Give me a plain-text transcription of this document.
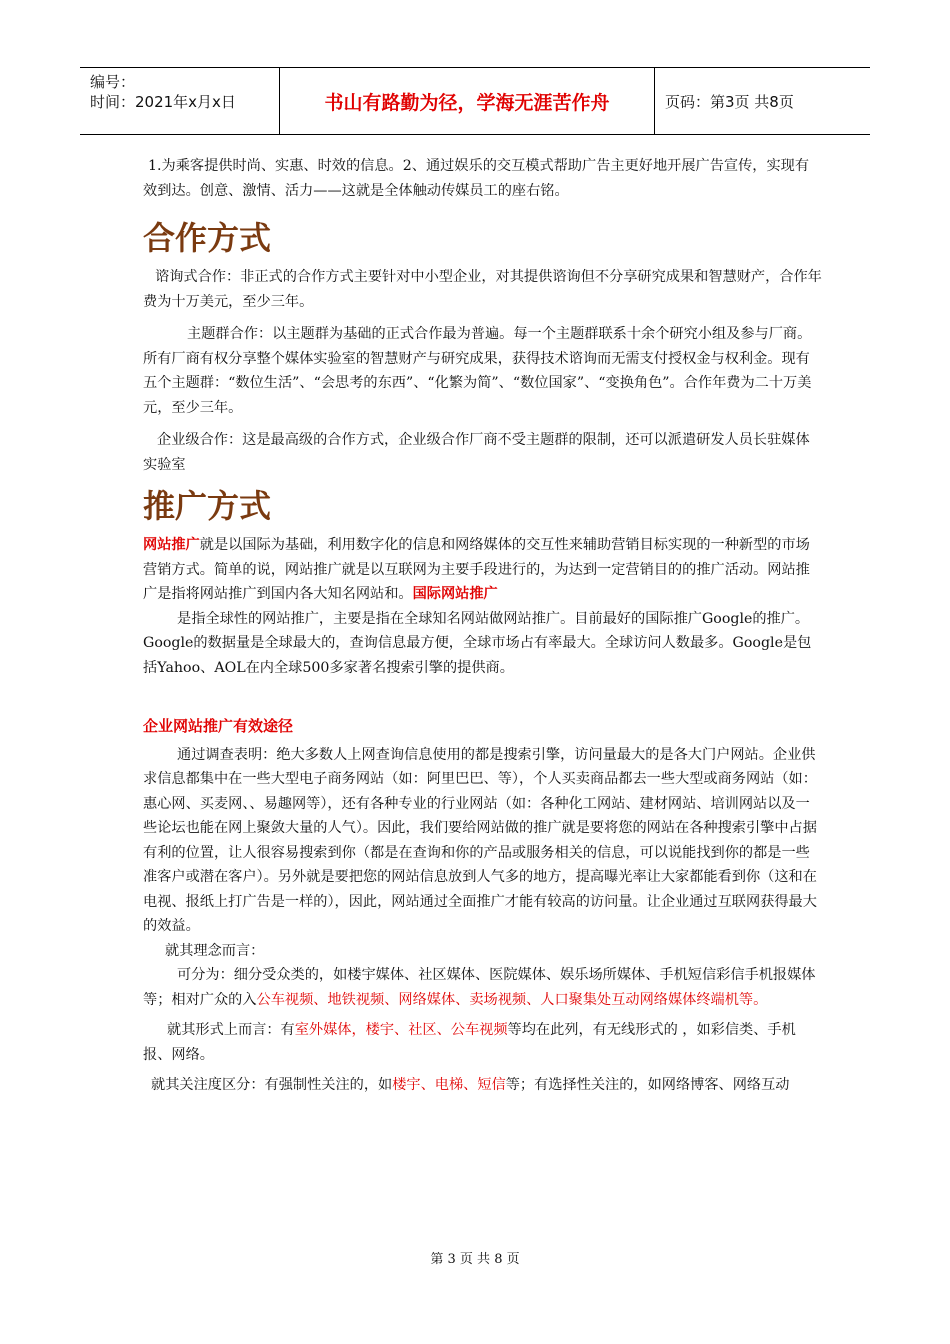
编号：
时间：2021年x月x日	书山有路勤为径，学海无涯苦作舟	页码：第3页 共8页

1.为乘客提供时尚、实惠、时效的信息。2、通过娱乐的交互模式帮助广告主更好地开展广告宣传，实现有效到达。创意、激情、活力——这就是全体触动传媒员工的座右铭。

合作方式

谘询式合作：非正式的合作方式主要针对中小型企业，对其提供谘询但不分享研究成果和智慧财产，合作年费为十万美元，至少三年。

主题群合作：以主题群为基础的正式合作最为普遍。每一个主题群联系十余个研究小组及参与厂商。所有厂商有权分享整个媒体实验室的智慧财产与研究成果，获得技术谘询而无需支付授权金与权利金。现有五个主题群：“数位生活”、“会思考的东西”、“化繁为简”、“数位国家”、“变换角色”。合作年费为二十万美元，至少三年。

企业级合作：这是最高级的合作方式，企业级合作厂商不受主题群的限制，还可以派遣研发人员长驻媒体实验室

推广方式

网站推广就是以国际为基础，利用数字化的信息和网络媒体的交互性来辅助营销目标实现的一种新型的市场营销方式。简单的说，网站推广就是以互联网为主要手段进行的，为达到一定营销目的的推广活动。网站推广是指将网站推广到国内各大知名网站和。国际网站推广

是指全球性的网站推广，主要是指在全球知名网站做网站推广。目前最好的国际推广Google的推广。Google的数据量是全球最大的，查询信息最方便，全球市场占有率最大。全球访问人数最多。Google是包括Yahoo、AOL在内全球500多家著名搜索引擎的提供商。

企业网站推广有效途径

通过调查表明：绝大多数人上网查询信息使用的都是搜索引擎，访问量最大的是各大门户网站。企业供求信息都集中在一些大型电子商务网站（如：阿里巴巴、等），个人买卖商品都去一些大型或商务网站（如：惠心网、买麦网、、易趣网等），还有各种专业的行业网站（如：各种化工网站、建材网站、培训网站以及一些论坛也能在网上聚敛大量的人气）。因此，我们要给网站做的推广就是要将您的网站在各种搜索引擎中占据有利的位置，让人很容易搜索到你（都是在查询和你的产品或服务相关的信息，可以说能找到你的都是一些准客户或潜在客户）。另外就是要把您的网站信息放到人气多的地方，提高曝光率让大家都能看到你（这和在电视、报纸上打广告是一样的），因此，网站通过全面推广才能有较高的访问量。让企业通过互联网获得最大的效益。

就其理念而言：

可分为：细分受众类的，如楼宇媒体、社区媒体、医院媒体、娱乐场所媒体、手机短信彩信手机报媒体等；相对广众的入公车视频、地铁视频、网络媒体、卖场视频、人口聚集处互动网络媒体终端机等。

就其形式上而言：有室外媒体，楼宇、社区、公车视频等均在此列，有无线形式的 ，如彩信类、手机报、网络。

就其关注度区分：有强制性关注的，如楼宇、电梯、短信等；有选择性关注的，如网络博客、网络互动

第 3 页 共 8 页
